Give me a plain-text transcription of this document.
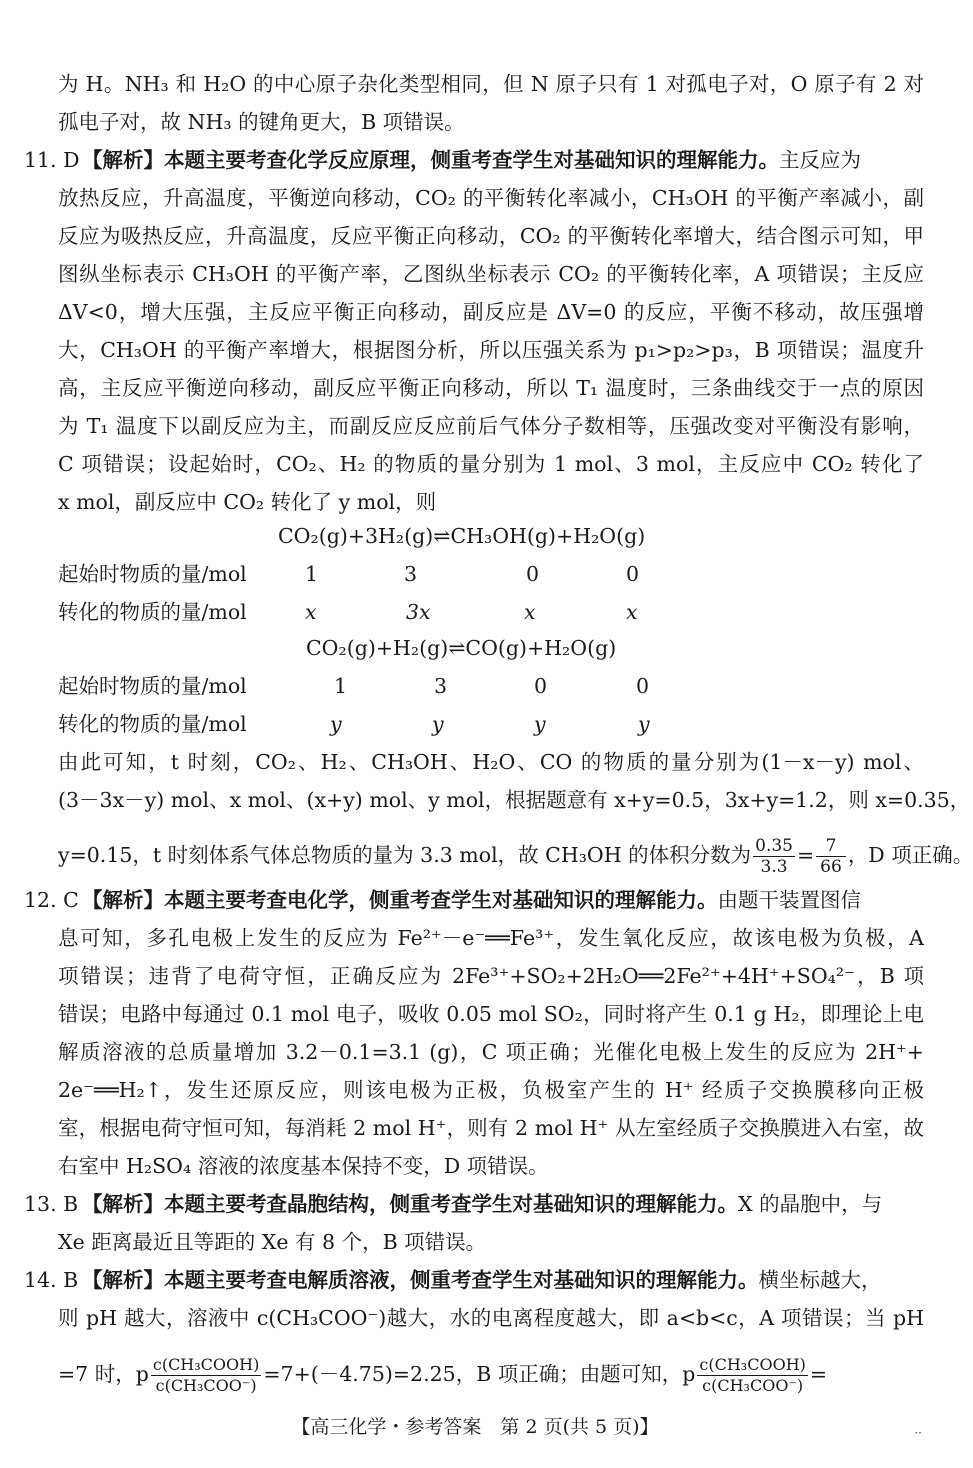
为 H。NH₃ 和 H₂O 的中心原子杂化类型相同，但 N 原子只有 1 对孤电子对，O 原子有 2 对
孤电子对，故 NH₃ 的键角更大，B 项错误。
11. D 【解析】本题主要考查化学反应原理，侧重考查学生对基础知识的理解能力。主反应为
放热反应，升高温度，平衡逆向移动，CO₂ 的平衡转化率减小，CH₃OH 的平衡产率减小，副
反应为吸热反应，升高温度，反应平衡正向移动，CO₂ 的平衡转化率增大，结合图示可知，甲
图纵坐标表示 CH₃OH 的平衡产率，乙图纵坐标表示 CO₂ 的平衡转化率，A 项错误；主反应
ΔV<0，增大压强，主反应平衡正向移动，副反应是 ΔV=0 的反应，平衡不移动，故压强增
大，CH₃OH 的平衡产率增大，根据图分析，所以压强关系为 p₁>p₂>p₃，B 项错误；温度升
高，主反应平衡逆向移动，副反应平衡正向移动，所以 T₁ 温度时，三条曲线交于一点的原因
为 T₁ 温度下以副反应为主，而副反应反应前后气体分子数相等，压强改变对平衡没有影响，
C 项错误；设起始时，CO₂、H₂ 的物质的量分别为 1 mol、3 mol，主反应中 CO₂ 转化了
x mol，副反应中 CO₂ 转化了 y mol，则
CO₂(g)+3H₂(g)⇌CH₃OH(g)+H₂O(g)
起始时物质的量/mol	1	3	0	0
转化的物质的量/mol	x	3x	x	x
CO₂(g)+H₂(g)⇌CO(g)+H₂O(g)
起始时物质的量/mol	1	3	0	0
转化的物质的量/mol	y	y	y	y
由此可知，t 时刻，CO₂、H₂、CH₃OH、H₂O、CO 的物质的量分别为(1－x－y) mol、
(3－3x－y) mol、x mol、(x+y) mol、y mol，根据题意有 x+y=0.5，3x+y=1.2，则 x=0.35，
y=0.15，t 时刻体系气体总物质的量为 3.3 mol，故 CH₃OH 的体积分数为 $\frac{0.35}{3.3} = \frac{7}{66}$ ，D 项正确。
12. C 【解析】本题主要考查电化学，侧重考查学生对基础知识的理解能力。由题干装置图信
息可知，多孔电极上发生的反应为 Fe²⁺－e⁻══Fe³⁺，发生氧化反应，故该电极为负极，A
项错误；违背了电荷守恒，正确反应为 2Fe³⁺+SO₂+2H₂O══2Fe²⁺+4H⁺+SO₄²⁻，B 项
错误；电路中每通过 0.1 mol 电子，吸收 0.05 mol SO₂，同时将产生 0.1 g H₂，即理论上电
解质溶液的总质量增加 3.2－0.1=3.1 (g)，C 项正确；光催化电极上发生的反应为 2H⁺+
2e⁻══H₂↑，发生还原反应，则该电极为正极，负极室产生的 H⁺ 经质子交换膜移向正极
室，根据电荷守恒可知，每消耗 2 mol H⁺，则有 2 mol H⁺ 从左室经质子交换膜进入右室，故
右室中 H₂SO₄ 溶液的浓度基本保持不变，D 项错误。
13. B 【解析】本题主要考查晶胞结构，侧重考查学生对基础知识的理解能力。X 的晶胞中，与
Xe 距离最近且等距的 Xe 有 8 个，B 项错误。
14. B 【解析】本题主要考查电解质溶液，侧重考查学生对基础知识的理解能力。横坐标越大，
则 pH 越大，溶液中 c(CH₃COO⁻)越大，水的电离程度越大，即 a<b<c，A 项错误；当 pH
=7 时，p c(CH₃COOH)
c(CH₃COO⁻) =7+(－4.75)=2.25，B 项正确；由题可知，p c(CH₃COOH)
c(CH₃COO⁻) =
【高三化学・参考答案　第 2 页(共 5 页)】	··
